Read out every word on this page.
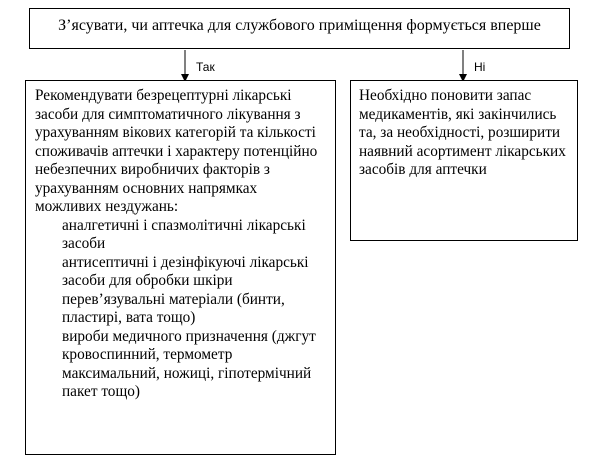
З’ясувати, чи аптечка для службового приміщення формується вперше
Так	Ні

Рекомендувати безрецептурні лікарські засоби для симптоматичного лікування з урахуванням вікових категорій та кількості споживачів аптечки і характеру потенційно небезпечних виробничих факторів з урахуванням основних напрямках можливих нездужань:

аналгетичні і спазмолітичні лікарські засоби
антисептичні і дезінфікуючі лікарські засоби для обробки шкіри
перев’язувальні матеріали (бинти, пластирі, вата тощо)
вироби медичного призначення (джгут кровоспинний, термометр максимальний, ножиці, гіпотермічний пакет тощо)
Необхідно поновити запас медикаментів, які закінчились та, за необхідності, розширити наявний асортимент лікарських засобів для аптечки
